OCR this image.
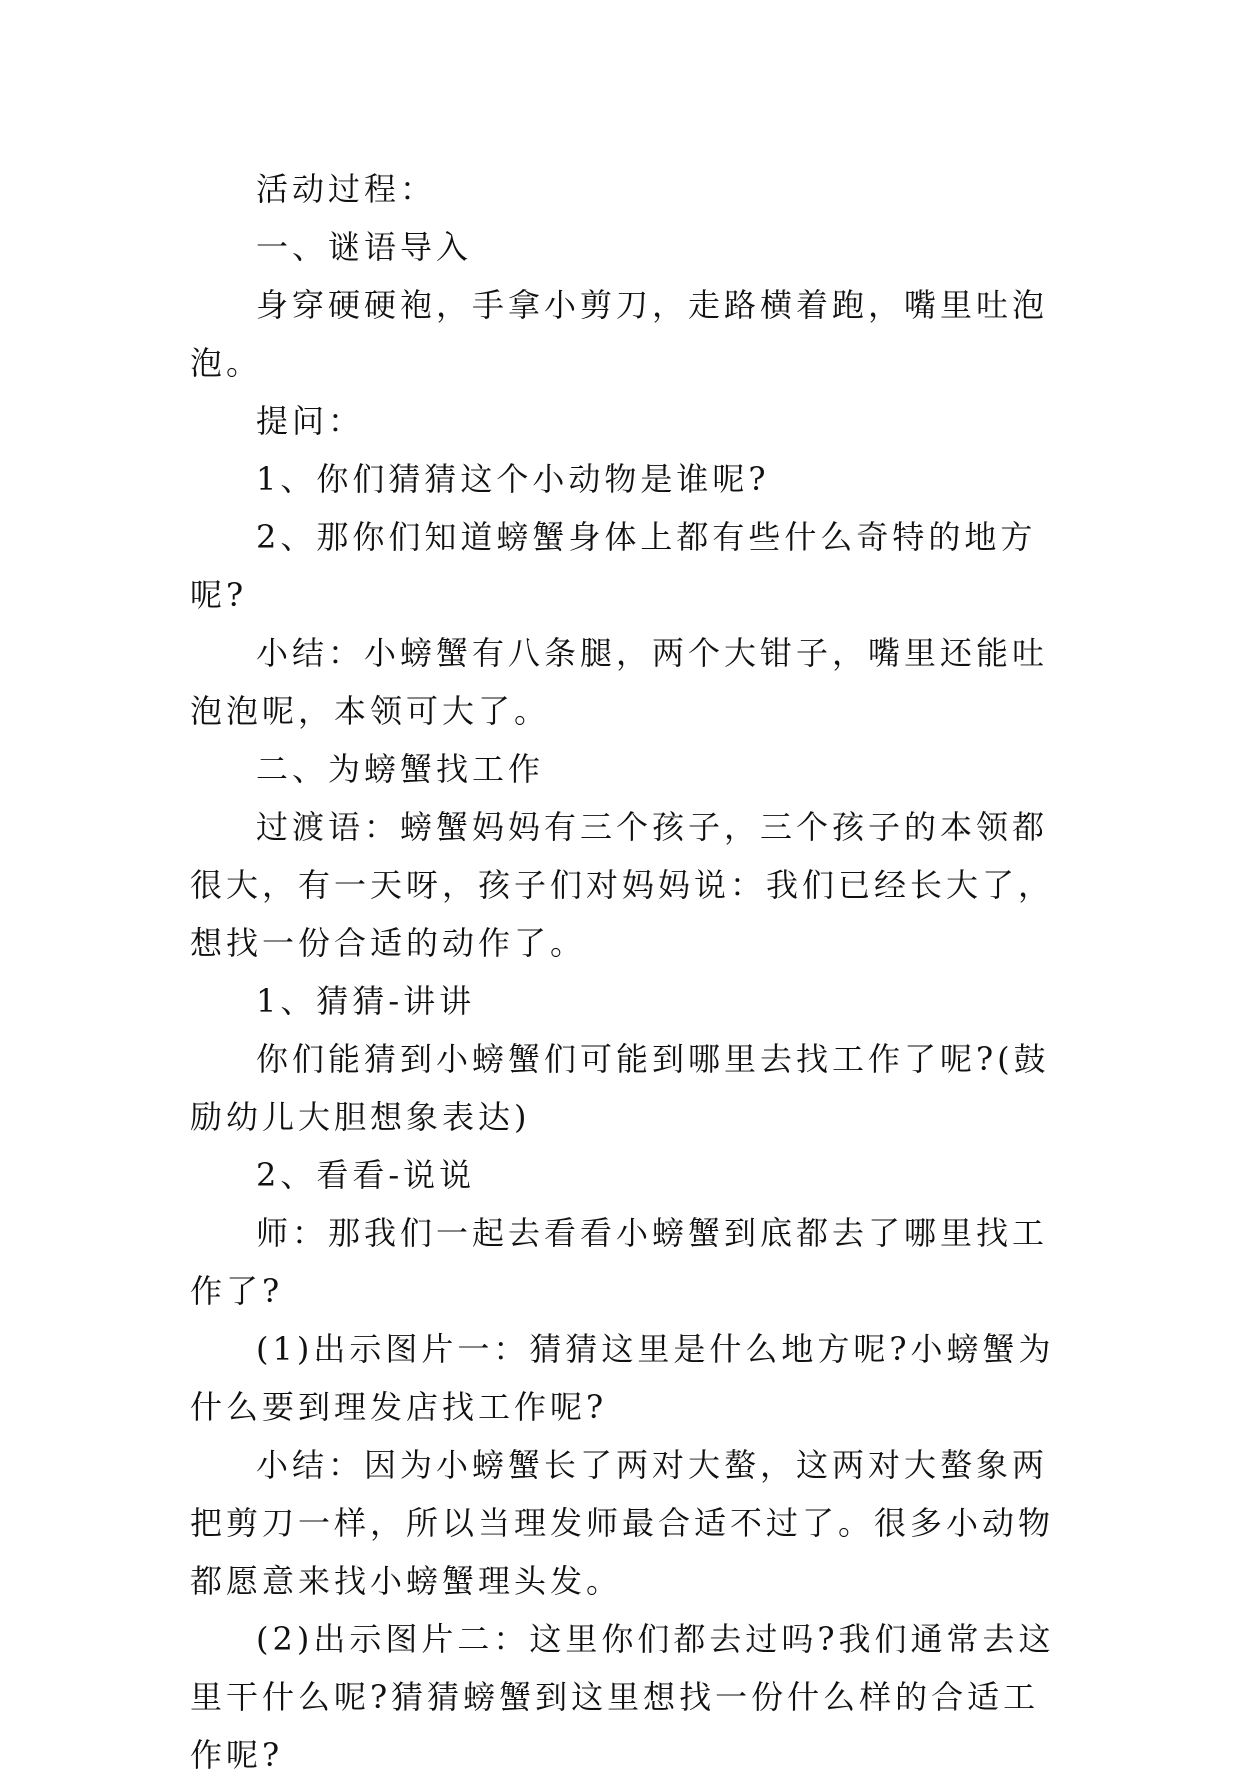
活动过程：

一、谜语导入

身穿硬硬袍，手拿小剪刀，走路横着跑，嘴里吐泡泡。

提问：

1、你们猜猜这个小动物是谁呢?

2、那你们知道螃蟹身体上都有些什么奇特的地方呢?

小结：小螃蟹有八条腿，两个大钳子，嘴里还能吐泡泡呢，本领可大了。

二、为螃蟹找工作

过渡语：螃蟹妈妈有三个孩子，三个孩子的本领都很大，有一天呀，孩子们对妈妈说：我们已经长大了，想找一份合适的动作了。

1、猜猜-讲讲

你们能猜到小螃蟹们可能到哪里去找工作了呢?(鼓励幼儿大胆想象表达)

2、看看-说说

师：那我们一起去看看小螃蟹到底都去了哪里找工作了?

(1)出示图片一：猜猜这里是什么地方呢?小螃蟹为什么要到理发店找工作呢?

小结：因为小螃蟹长了两对大螯，这两对大螯象两把剪刀一样，所以当理发师最合适不过了。很多小动物都愿意来找小螃蟹理头发。

(2)出示图片二：这里你们都去过吗?我们通常去这里干什么呢?猜猜螃蟹到这里想找一份什么样的合适工作呢?
